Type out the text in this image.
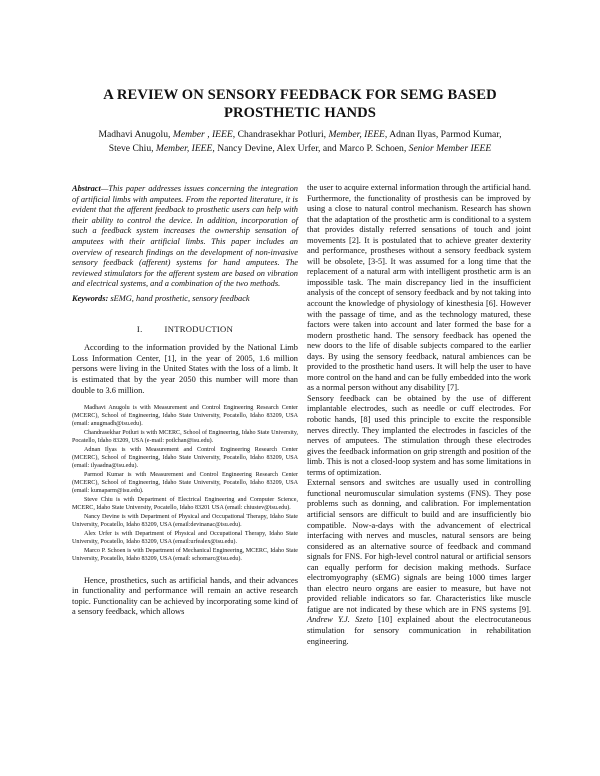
A REVIEW ON SENSORY FEEDBACK FOR SEMG BASED
PROSTHETIC HANDS
Madhavi Anugolu, Member , IEEE, Chandrasekhar Potluri, Member, IEEE, Adnan Ilyas, Parmod Kumar,
Steve Chiu, Member, IEEE, Nancy Devine, Alex Urfer, and Marco P. Schoen, Senior Member IEEE
Abstract—This paper addresses issues concerning the integration of artificial limbs with amputees. From the reported literature, it is evident that the afferent feedback to prosthetic users can help with their ability to control the device. In addition, incorporation of such a feedback system increases the ownership sensation of amputees with their artificial limbs. This paper includes an overview of research findings on the development of non-invasive sensory feedback (afferent) systems for hand amputees. The reviewed stimulators for the afferent system are based on vibration and electrical systems, and a combination of the two methods.
Keywords: sEMG, hand prosthetic, sensory feedback
I.	INTRODUCTION

According to the information provided by the National Limb Loss Information Center, [1], in the year of 2005, 1.6 million persons were living in the United States with the loss of a limb. It is estimated that by the year 2050 this number will more than double to 3.6 million.

Madhavi Anugolu is with Measurement and Control Engineering Research Center (MCERC), School of Engineering, Idaho State University, Pocatello, Idaho 83209, USA (email: anugmadh@isu.edu).

Chandrasekhar Potluri is with MCERC, School of Engineering, Idaho State University, Pocatello, Idaho 83209, USA (e-mail: potlchan@isu.edu).

Adnan Ilyas is with Measurement and Control Engineering Research Center (MCERC), School of Engineering, Idaho State University, Pocatello, Idaho 83209, USA (email: ilyaadna@isu.edu).

Parmod Kumar is with Measurement and Control Engineering Research Center (MCERC), School of Engineering, Idaho State University, Pocatello, Idaho 83209, USA (email: kumaparm@isu.edu).

Steve Chiu is with Department of Electrical Engineering and Computer Science, MCERC, Idaho State University, Pocatello, Idaho 83201 USA (email: chiustev@isu.edu).

Nancy Devine is with Department of Physical and Occupational Therapy, Idaho State University, Pocatello, Idaho 83209, USA (email:devinanac@isu.edu).

Alex Urfer is with Department of Physical and Occupational Therapy, Idaho State University, Pocatello, Idaho 83209, USA (email:urfealex@isu.edu).

Marco P. Schoen is with Department of Mechanical Engineering, MCERC, Idaho State University, Pocatello, Idaho 83209, USA (email: schomarc@isu.edu).

Hence, prosthetics, such as artificial hands, and their advances in functionality and performance will remain an active research topic. Functionality can be achieved by incorporating some kind of a sensory feedback, which allows

the user to acquire external information through the artificial hand. Furthermore, the functionality of prosthesis can be improved by using a close to natural control mechanism. Research has shown that the adaptation of the prosthetic arm is conditional to a system that provides distally referred sensations of touch and joint movements [2]. It is postulated that to achieve greater dexterity and performance, prostheses without a sensory feedback system will be obsolete, [3-5]. It was assumed for a long time that the replacement of a natural arm with intelligent prosthetic arm is an impossible task. The main discrepancy lied in the insufficient analysis of the concept of sensory feedback and by not taking into account the knowledge of physiology of kinesthesia [6]. However with the passage of time, and as the technology matured, these factors were taken into account and later formed the base for a modern prosthetic hand. The sensory feedback has opened the new doors to the life of disable subjects compared to the earlier days. By using the sensory feedback, natural ambiences can be provided to the prosthetic hand users. It will help the user to have more control on the hand and can be fully embedded into the work as a normal person without any disability [7].

Sensory feedback can be obtained by the use of different implantable electrodes, such as needle or cuff electrodes. For robotic hands, [8] used this principle to excite the responsible nerves directly. They implanted the electrodes in fascicles of the nerves of amputees. The stimulation through these electrodes gives the feedback information on grip strength and position of the limb. This is not a closed-loop system and has some limitations in terms of optimization.

External sensors and switches are usually used in controlling functional neuromuscular simulation systems (FNS). They pose problems such as donning, and calibration. For implementation artificial sensors are difficult to build and are insufficiently bio compatible. Now-a-days with the advancement of electrical interfacing with nerves and muscles, natural sensors are being considered as an alternative source of feedback and command signals for FNS. For high-level control natural or artificial sensors can equally perform for decision making methods. Surface electromyography (sEMG) signals are being 1000 times larger than electro neuro organs are easier to measure, but have not provided reliable indicators so far. Characteristics like muscle fatigue are not indicated by these which are in FNS systems [9]. Andrew Y.J. Szeto [10] explained about the electrocutaneous stimulation for sensory communication in rehabilitation engineering.
